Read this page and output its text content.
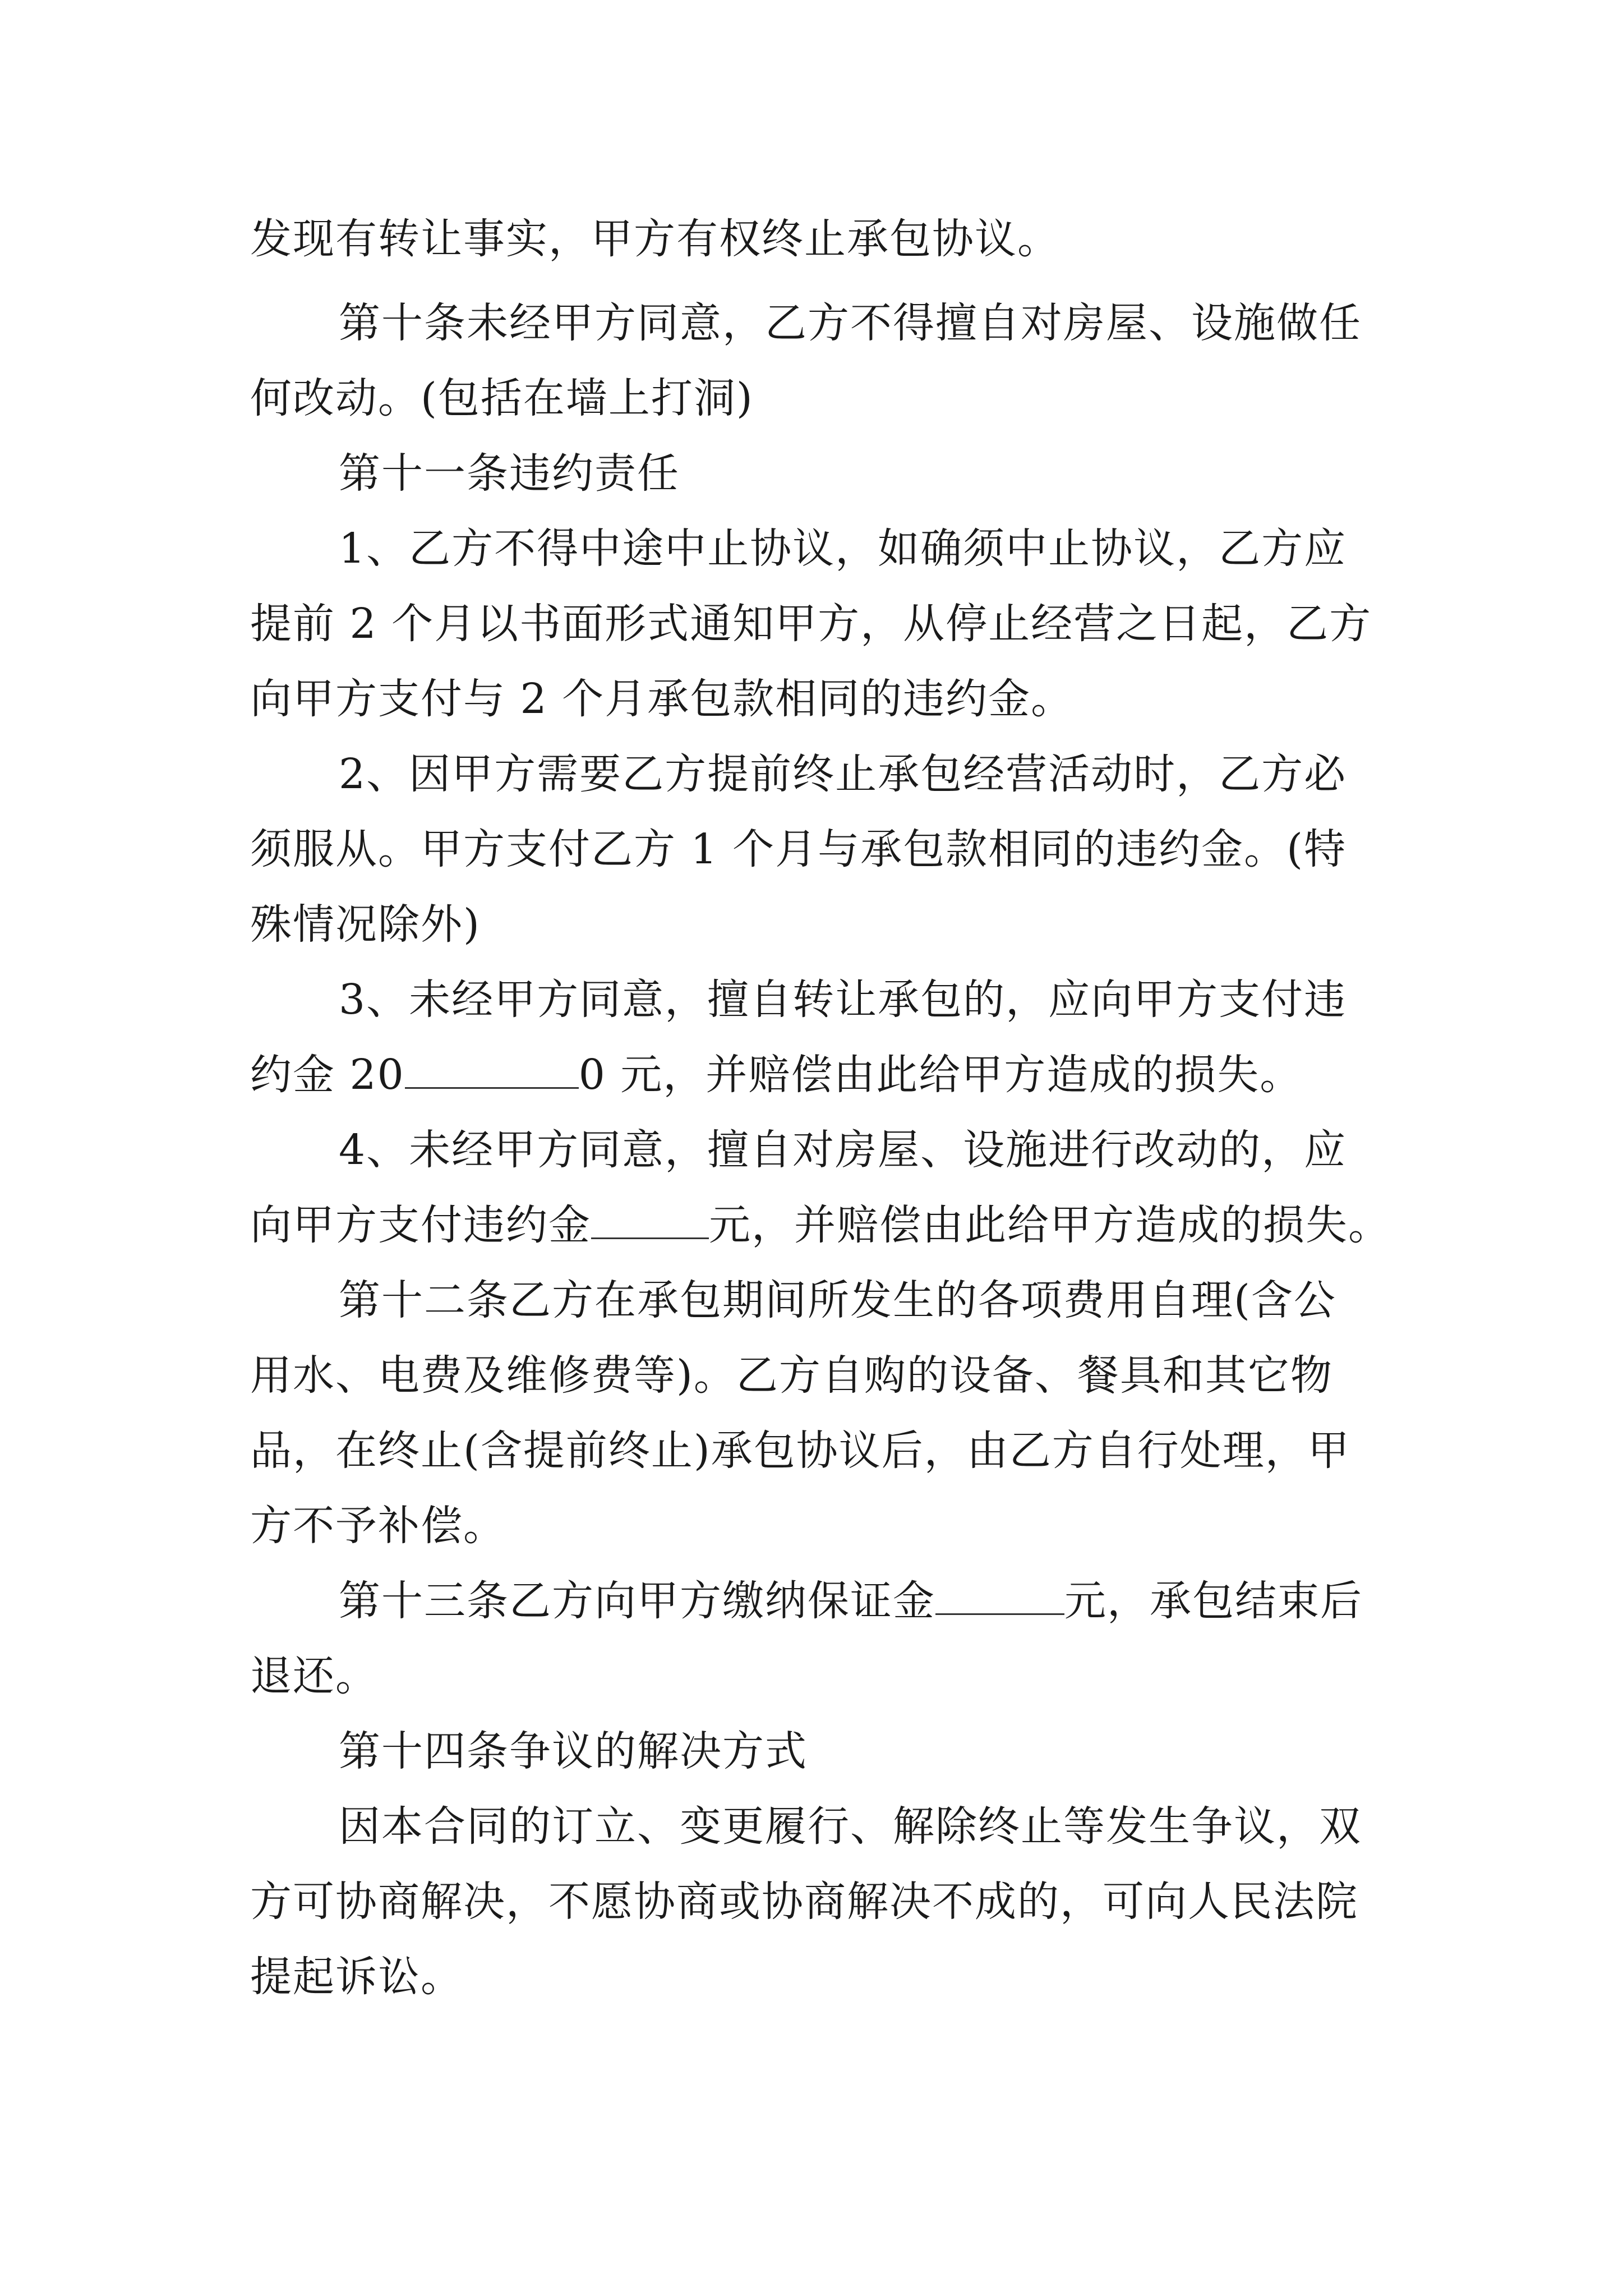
发现有转让事实，甲方有权终止承包协议。
第十条未经甲方同意，乙方不得擅自对房屋、设施做任
何改动。(包括在墙上打洞)
第十一条违约责任
1、乙方不得中途中止协议，如确须中止协议，乙方应
提前 2 个月以书面形式通知甲方，从停止经营之日起，乙方
向甲方支付与 2 个月承包款相同的违约金。
2、因甲方需要乙方提前终止承包经营活动时，乙方必
须服从。甲方支付乙方 1 个月与承包款相同的违约金。(特
殊情况除外)
3、未经甲方同意，擅自转让承包的，应向甲方支付违
约金 20	0 元，并赔偿由此给甲方造成的损失。
4、未经甲方同意，擅自对房屋、设施进行改动的，应
向甲方支付违约金	元，并赔偿由此给甲方造成的损失。
第十二条乙方在承包期间所发生的各项费用自理(含公
用水、电费及维修费等)。乙方自购的设备、餐具和其它物
品，在终止(含提前终止)承包协议后，由乙方自行处理，甲
方不予补偿。
第十三条乙方向甲方缴纳保证金	元，承包结束后
退还。
第十四条争议的解决方式
因本合同的订立、变更履行、解除终止等发生争议，双
方可协商解决，不愿协商或协商解决不成的，可向人民法院
提起诉讼。
